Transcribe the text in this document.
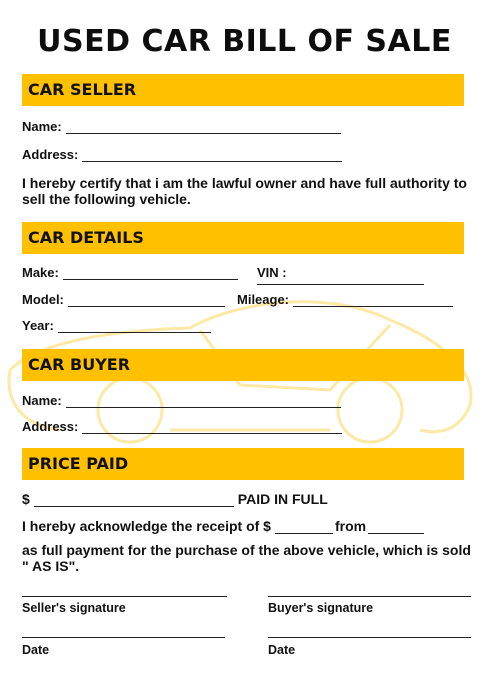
USED CAR BILL OF SALE
CAR SELLER
Name:
Address:
I hereby certify that i am the lawful owner and have full authority to sell the following vehicle.
CAR DETAILS
Make:	VIN :
Model:	Mileage:
Year:
CAR BUYER
Name:
Address:
PRICE PAID
$	PAID IN FULL
I hereby acknowledge the receipt of $	from
as full payment for the purchase of the above vehicle, which is sold " AS IS".
Seller's signature	Buyer's signature
Date	Date
